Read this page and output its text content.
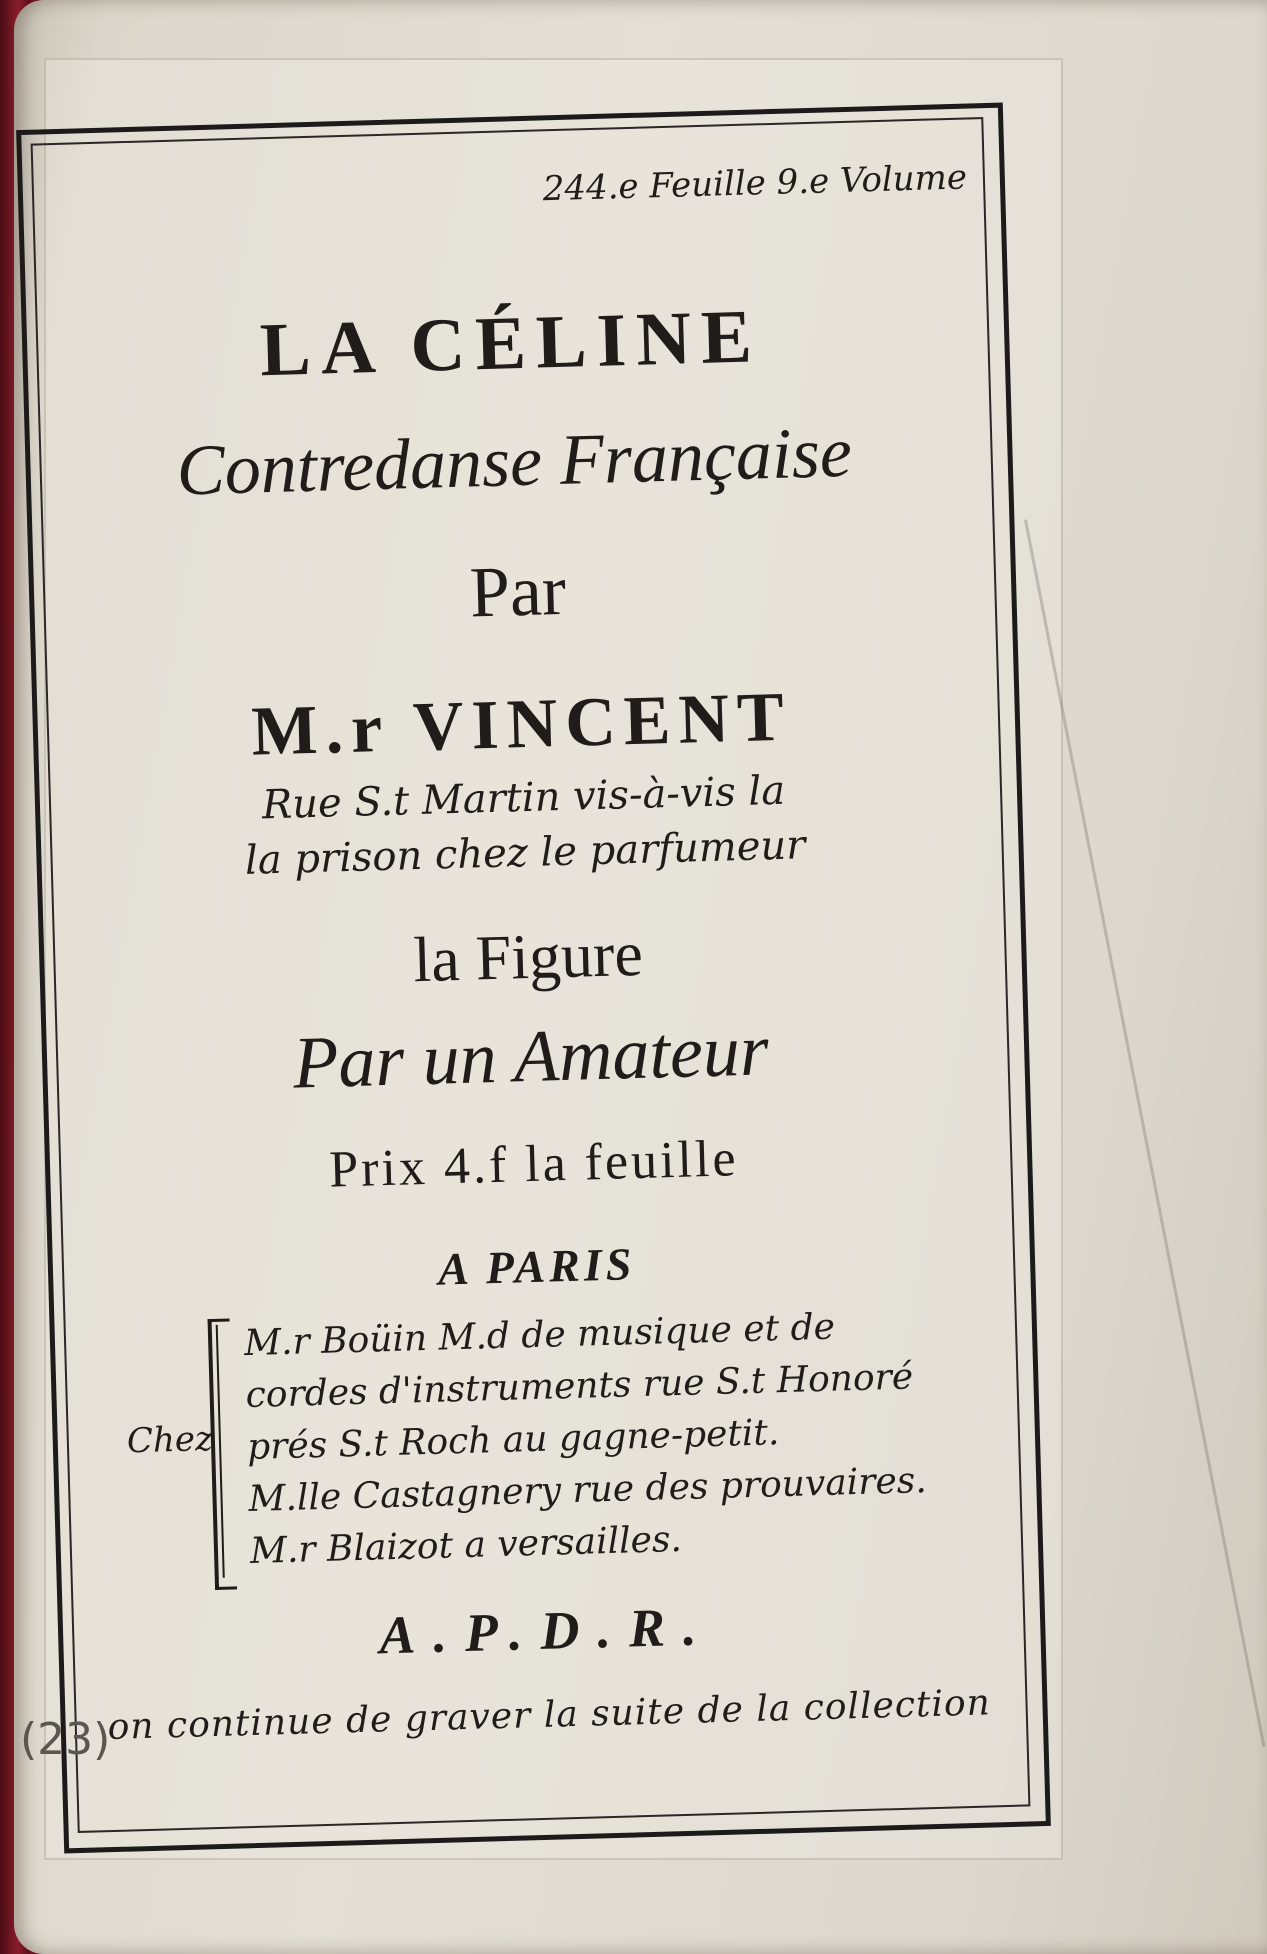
244.e Feuille 9.e Volume
LA CÉLINE
Contredanse Française
Par
M.r VINCENT
Rue S.t Martin vis-à-vis la
la prison chez le parfumeur
la Figure
Par un Amateur
Prix 4.f la feuille
A PARIS
Chez
M.r Boüin M.d de musique et de
cordes d'instruments rue S.t Honoré
prés S.t Roch au gagne-petit.
M.lle Castagnery rue des prouvaires.
M.r Blaizot a versailles.
A.P.D.R.
on continue de graver la suite de la collection
(23)
